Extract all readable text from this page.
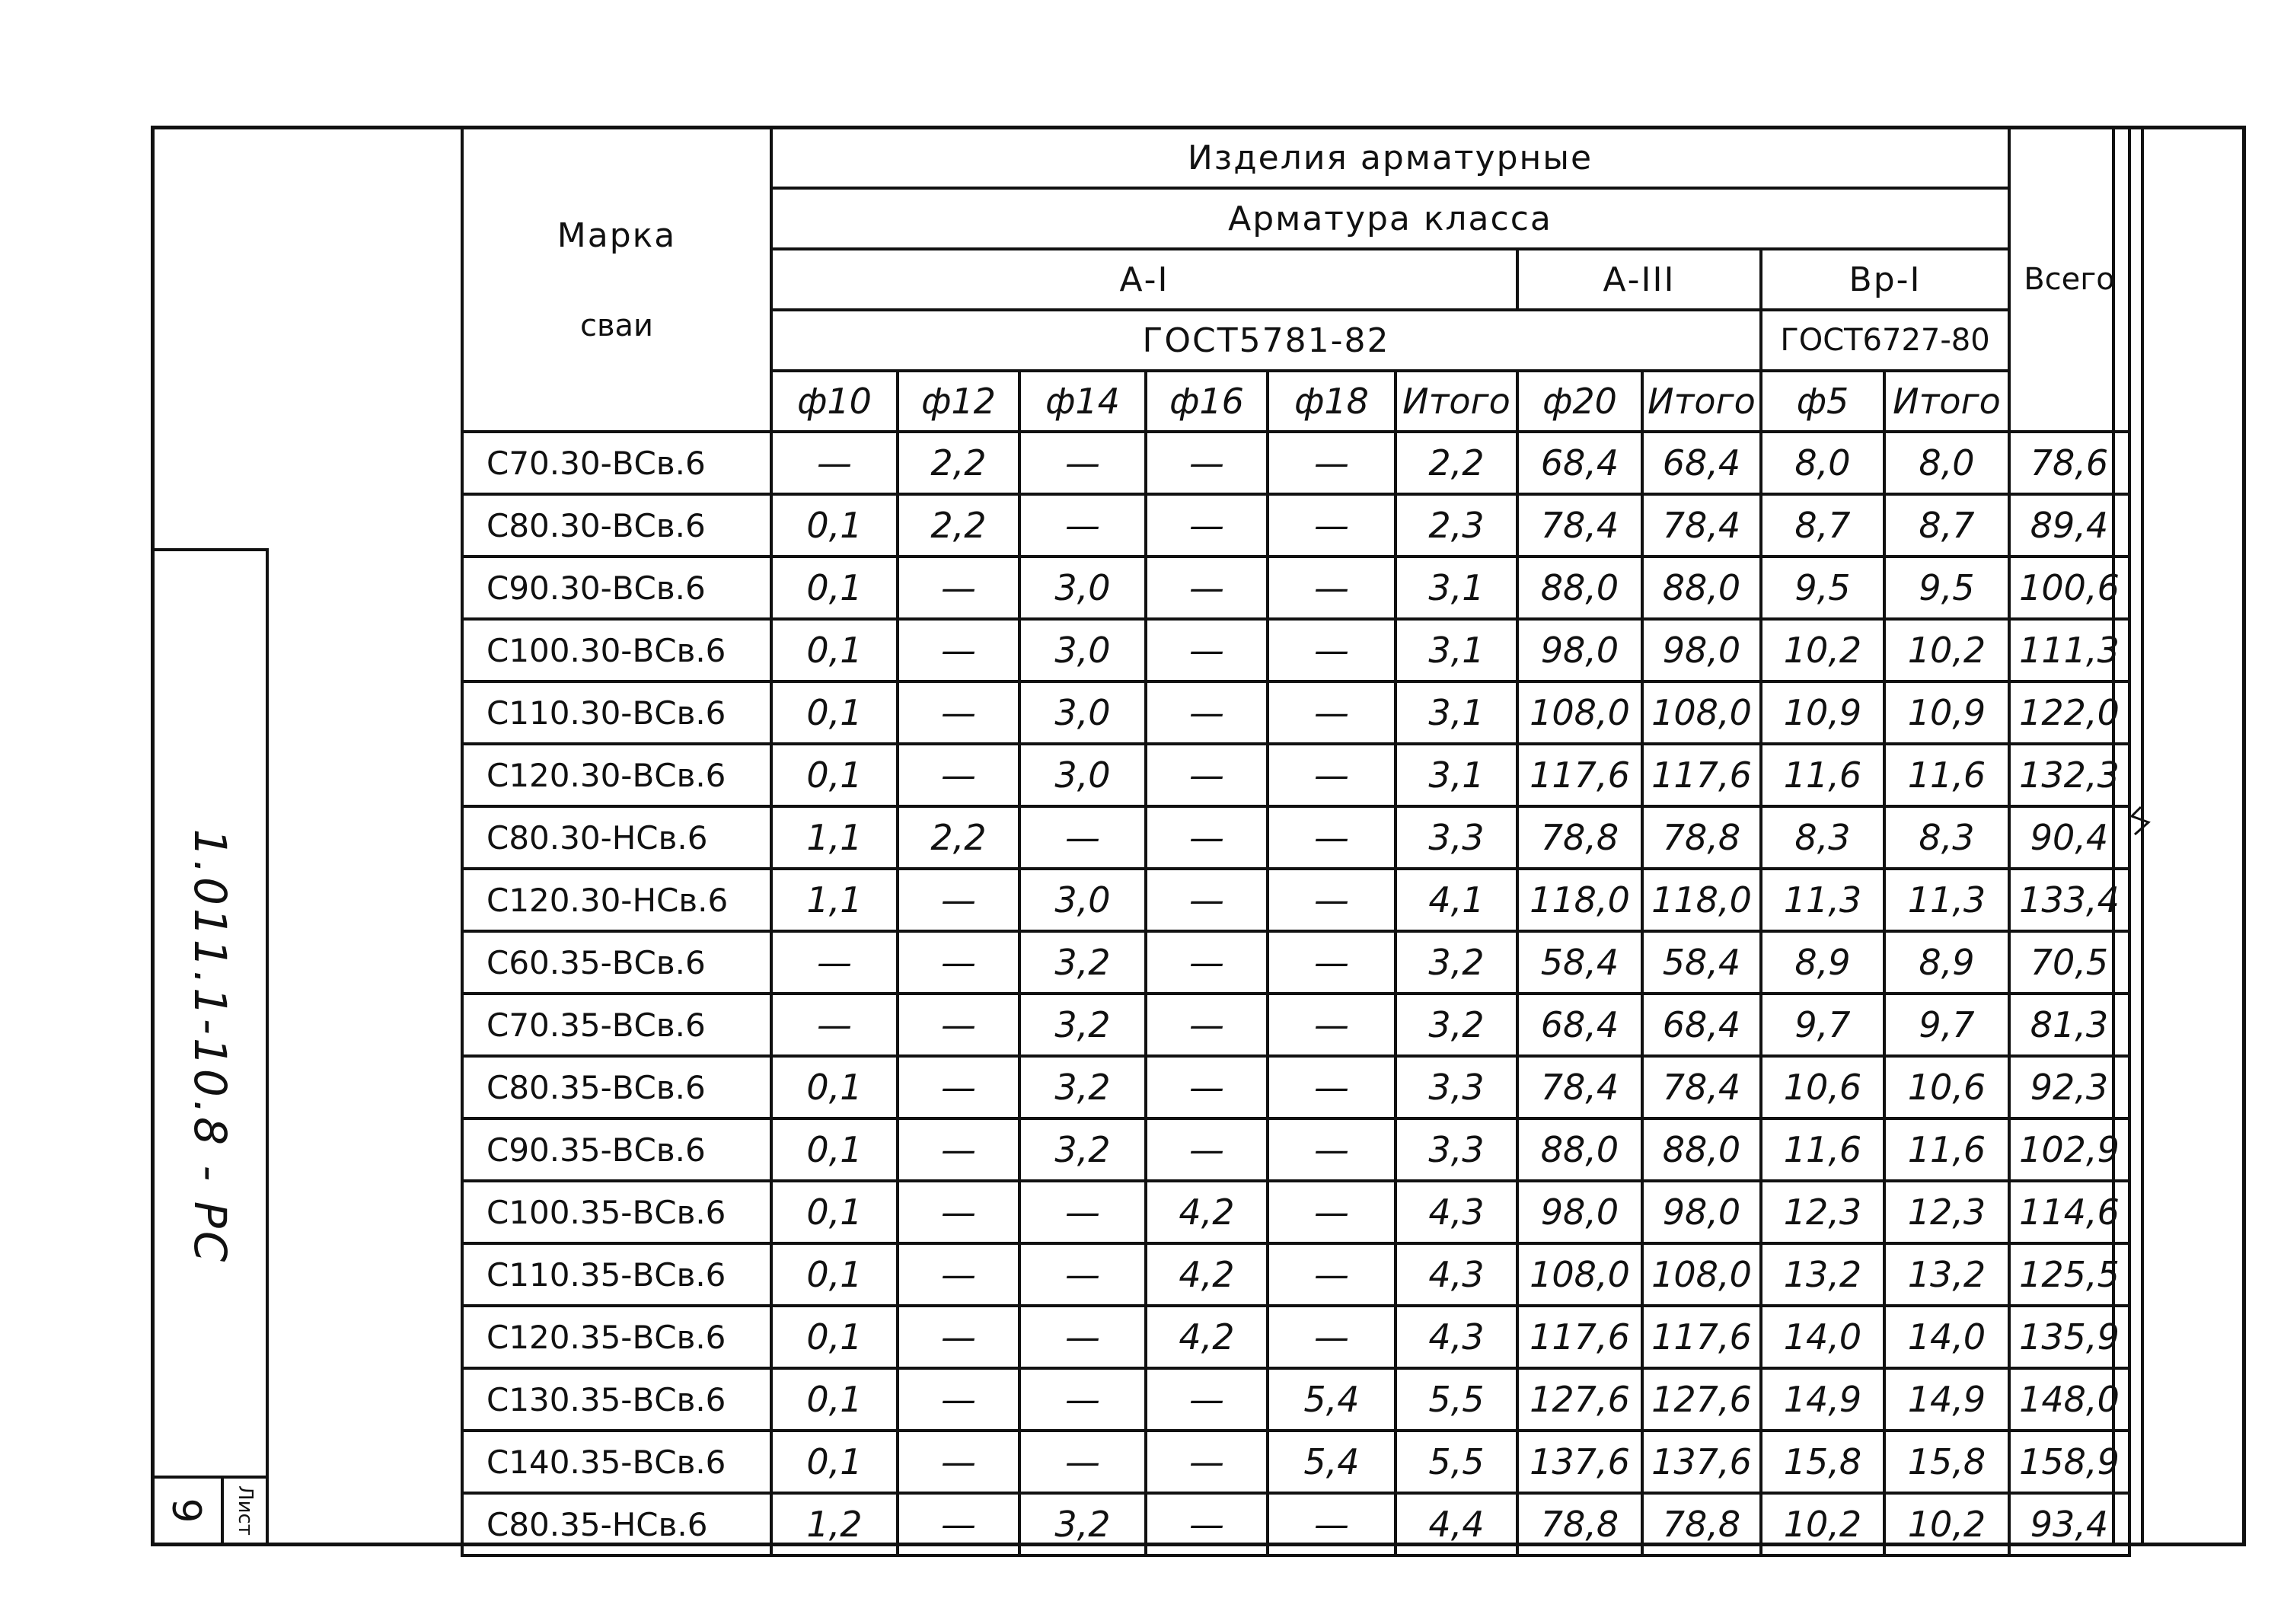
1.011.1-10.8 - РС
9 Лист
Марка
сваи	Изделия арматурные										Всего
	Арматура класса										
	А-I						А-III		Вр-I		
	ГОСТ5781-82								ГОСТ6727-80		
	ф10	ф12	ф14	ф16	ф18	Итого	ф20	Итого	ф5	Итого	
С70.30-ВСв.6	—	2,2	—	—	—	2,2	68,4	68,4	8,0	8,0	78,6
С80.30-ВСв.6	0,1	2,2	—	—	—	2,3	78,4	78,4	8,7	8,7	89,4
С90.30-ВСв.6	0,1	—	3,0	—	—	3,1	88,0	88,0	9,5	9,5	100,6
С100.30-ВСв.6	0,1	—	3,0	—	—	3,1	98,0	98,0	10,2	10,2	111,3
С110.30-ВСв.6	0,1	—	3,0	—	—	3,1	108,0	108,0	10,9	10,9	122,0
С120.30-ВСв.6	0,1	—	3,0	—	—	3,1	117,6	117,6	11,6	11,6	132,3
С80.30-НСв.6	1,1	2,2	—	—	—	3,3	78,8	78,8	8,3	8,3	90,4
С120.30-НСв.6	1,1	—	3,0	—	—	4,1	118,0	118,0	11,3	11,3	133,4
С60.35-ВСв.6	—	—	3,2	—	—	3,2	58,4	58,4	8,9	8,9	70,5
С70.35-ВСв.6	—	—	3,2	—	—	3,2	68,4	68,4	9,7	9,7	81,3
С80.35-ВСв.6	0,1	—	3,2	—	—	3,3	78,4	78,4	10,6	10,6	92,3
С90.35-ВСв.6	0,1	—	3,2	—	—	3,3	88,0	88,0	11,6	11,6	102,9
С100.35-ВСв.6	0,1	—	—	4,2	—	4,3	98,0	98,0	12,3	12,3	114,6
С110.35-ВСв.6	0,1	—	—	4,2	—	4,3	108,0	108,0	13,2	13,2	125,5
С120.35-ВСв.6	0,1	—	—	4,2	—	4,3	117,6	117,6	14,0	14,0	135,9
С130.35-ВСв.6	0,1	—	—	—	5,4	5,5	127,6	127,6	14,9	14,9	148,0
С140.35-ВСв.6	0,1	—	—	—	5,4	5,5	137,6	137,6	15,8	15,8	158,9
С80.35-НСв.6	1,2	—	3,2	—	—	4,4	78,8	78,8	10,2	10,2	93,4
